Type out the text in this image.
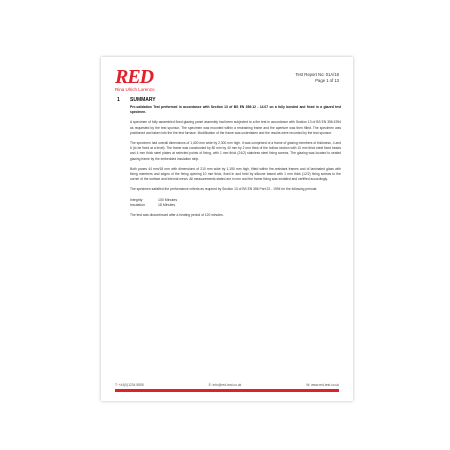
RED
Rina Ulrich Lorenzo
Test Report No: 01A/18
Page 1 of 13
1	SUMMARY

Pre-validation Test performed in accordance with Section 13 of BS EN 356:12 - 14.07 on a fully bonded and fixed in a glazed test specimen.

A specimen of fully assembled fixed glazing panel assembly had been subjected to a fire test in accordance with Section 13 of BS EN 356:1994 as requested by the test sponsor. The specimen was mounted within a restraining frame and the aperture was then filled. The specimen was positioned and taken into the fire test furnace. Modification of the frame was undertaken and the results were recorded by the test sponsor.

The specimen had overall dimensions of 1,400 mm wide by 2,300 mm high. It was comprised of a frame of glazing members of thickness, 4 and 6 (to be fixed at a level). The frame was constructed by 80 mm by 40 mm by 2 mm thick of the hollow section with 10 mm thick steel fixed beads and 4 mm thick steel plates at selected points of fixing, with 1 mm thick (24/2) stainless steel fixing screws. The glazing was located to sealed glazing frame by the embedded insulation strip.

Both panes 44 mm/18 mm with dimensions of 210 mm wide by 1,150 mm high, fitted within fire-resistant frames and of laminated glass with fixing members and edges of the fixing opening 10 mm thick, fixed in and held by silicone based with 1 mm thick (12/2) fixing screws to the corner of the surface and internal mean. All measurements stated are in mm and the frame fixing was installed and certified accordingly.

The specimen satisfied the performance criteria as required by Section 13 of BS EN 356 Part 22 - 1994 for the following periods:

Integrity	100 Minutes
Insulation	18 Minutes

The test was discontinued after a heating period of 120 minutes.

T: +44(0)1234 5555	E: info@red-test.co.uk	W: www.red-test.co.uk
